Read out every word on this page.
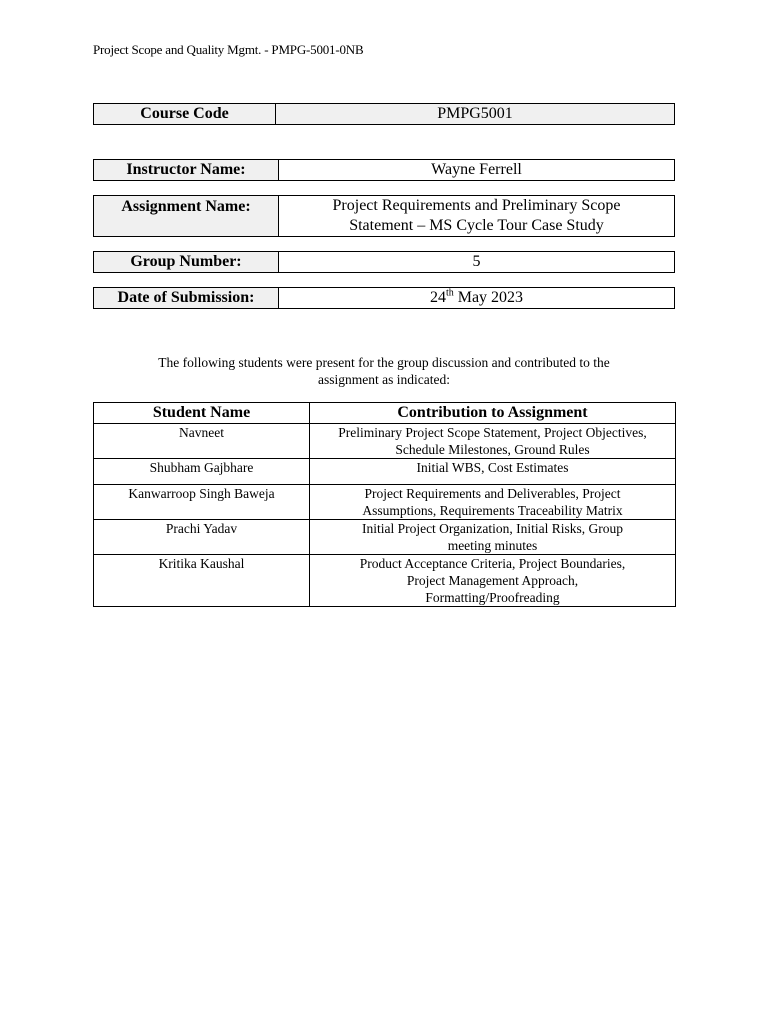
Project Scope and Quality Mgmt. - PMPG-5001-0NB
Course Code	PMPG5001
Instructor Name:	Wayne Ferrell
Assignment Name:	Project Requirements and Preliminary Scope
Statement – MS Cycle Tour Case Study
Group Number:	5
Date of Submission:	24th May 2023
The following students were present for the group discussion and contributed to the
assignment as indicated:
Student Name	Contribution to Assignment
Navneet	Preliminary Project Scope Statement, Project Objectives,
Schedule Milestones, Ground Rules

Shubham Gajbhare	Initial WBS, Cost Estimates

Kanwarroop Singh Baweja	Project Requirements and Deliverables, Project
Assumptions, Requirements Traceability Matrix

Prachi Yadav	Initial Project Organization, Initial Risks, Group
meeting minutes

Kritika Kaushal	Product Acceptance Criteria, Project Boundaries,
Project Management Approach,
Formatting/Proofreading
